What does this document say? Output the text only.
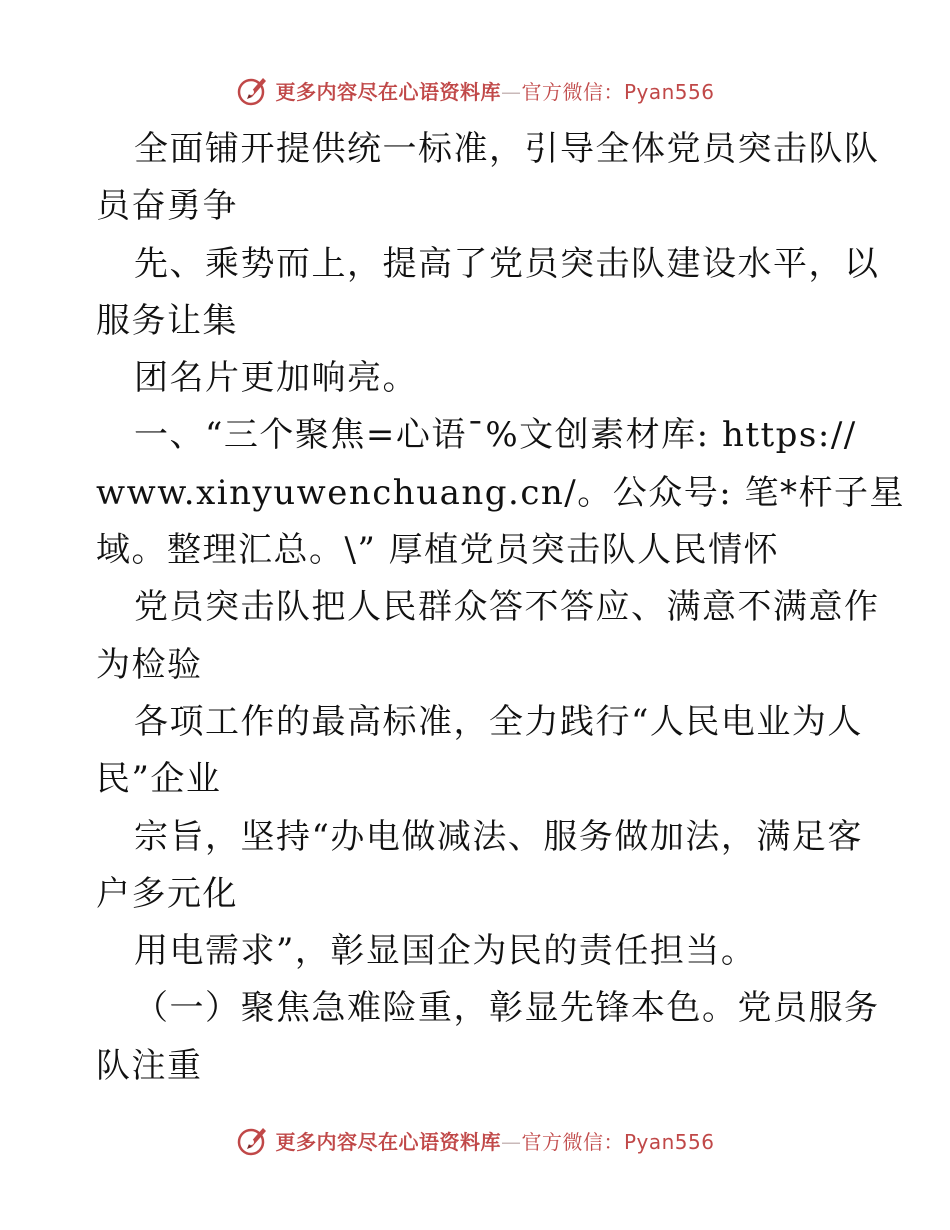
更多内容尽在心语资料库—官方微信：Pyan556
全面铺开提供统一标准，引导全体党员突击队队
员奋勇争
先、乘势而上，提高了党员突击队建设水平，以
服务让集
团名片更加响亮。
一、“三个聚焦=心语¯%文创素材库: https://
www.xinyuwenchuang.cn/。公众号: 笔*杆子星
域。整理汇总。\” 厚植党员突击队人民情怀
党员突击队把人民群众答不答应、满意不满意作
为检验
各项工作的最高标准，全力践行“人民电业为人
民”企业
宗旨，坚持“办电做减法、服务做加法，满足客
户多元化
用电需求”，彰显国企为民的责任担当。
（一）聚焦急难险重，彰显先锋本色。党员服务
队注重
更多内容尽在心语资料库—官方微信：Pyan556
